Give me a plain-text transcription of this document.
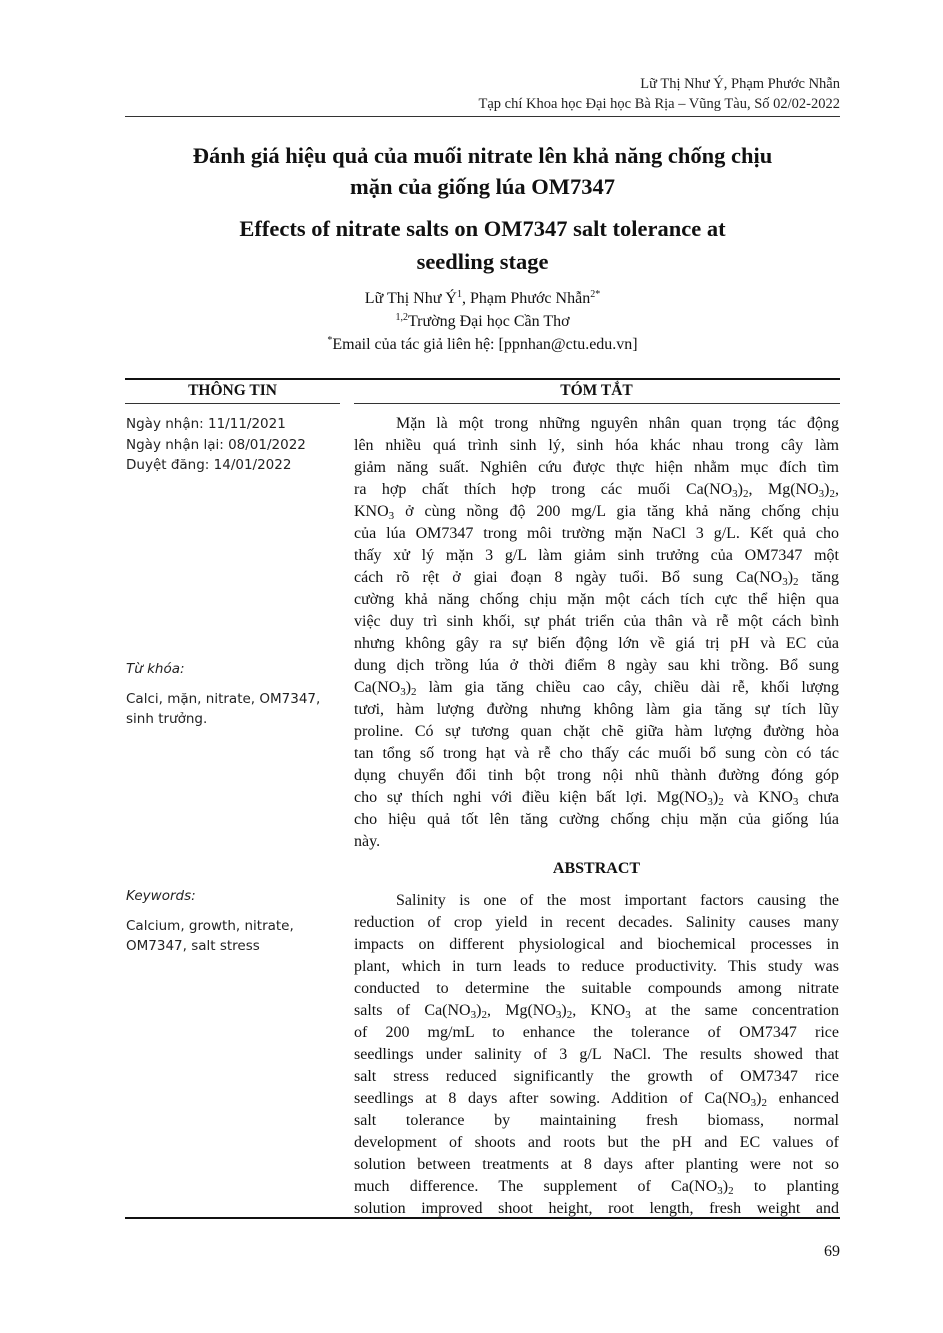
Lữ Thị Như Ý, Phạm Phước Nhẫn
Tạp chí Khoa học Đại học Bà Rịa – Vũng Tàu, Số 02/02-2022
Đánh giá hiệu quả của muối nitrate lên khả năng chống chịu
mặn của giống lúa OM7347
Effects of nitrate salts on OM7347 salt tolerance at
seedling stage
Lữ Thị Như $Ý^1$, Phạm Phước Nhẫn$^{2*}$
$^{1,2}$Trường Đại học Cần Thơ
*Email của tác giả liên hệ: [ppnhan@ctu.edu.vn]
THÔNG TIN	TÓM TẮT
Ngày nhận: 11/11/2021
Ngày nhận lại: 08/01/2022
Duyệt đăng: 14/01/2022
Từ khóa:
Calci, mặn, nitrate, OM7347,
sinh trưởng.
Keywords:
Calcium, growth, nitrate,
OM7347, salt stress
Mặn là một trong những nguyên nhân quan trọng tác động
lên nhiều quá trình sinh lý, sinh hóa khác nhau trong cây làm
giảm năng suất. Nghiên cứu được thực hiện nhằm mục đích tìm
ra hợp chất thích hợp trong các muối $Ca(NO_3)_2$, $Mg(NO_3)_2$,
$KNO_3$ ở cùng nồng độ 200 mg/L gia tăng khả năng chống chịu
của lúa OM7347 trong môi trường mặn NaCl 3 g/L. Kết quả cho
thấy xử lý mặn 3 g/L làm giảm sinh trưởng của OM7347 một
cách rõ rệt ở giai đoạn 8 ngày tuổi. Bổ sung $Ca(NO_3)_2$ tăng
cường khả năng chống chịu mặn một cách tích cực thể hiện qua
việc duy trì sinh khối, sự phát triển của thân và rễ một cách bình
nhưng không gây ra sự biến động lớn về giá trị pH và EC của
dung dịch trồng lúa ở thời điểm 8 ngày sau khi trồng. Bổ sung
$Ca(NO_3)_2$ làm gia tăng chiều cao cây, chiều dài rễ, khối lượng
tươi, hàm lượng đường nhưng không làm gia tăng sự tích lũy
proline. Có sự tương quan chặt chẽ giữa hàm lượng đường hòa
tan tổng số trong hạt và rễ cho thấy các muối bổ sung còn có tác
dụng chuyển đổi tinh bột trong nội nhũ thành đường đóng góp
cho sự thích nghi với điều kiện bất lợi. $Mg(NO_3)_2$ và $KNO_3$ chưa
cho hiệu quả tốt lên tăng cường chống chịu mặn của giống lúa
này.
ABSTRACT
Salinity is one of the most important factors causing the
reduction of crop yield in recent decades. Salinity causes many
impacts on different physiological and biochemical processes in
plant, which in turn leads to reduce productivity. This study was
conducted to determine the suitable compounds among nitrate
salts of $Ca(NO_3)_2$, $Mg(NO_3)_2$, $KNO_3$ at the same concentration
of 200 mg/mL to enhance the tolerance of OM7347 rice
seedlings under salinity of 3 g/L NaCl. The results showed that
salt stress reduced significantly the growth of OM7347 rice
seedlings at 8 days after sowing. Addition of $Ca(NO_3)_2$ enhanced
salt tolerance by maintaining fresh biomass, normal
development of shoots and roots but the pH and EC values of
solution between treatments at 8 days after planting were not so
much difference. The supplement of $Ca(NO_3)_2$ to planting
solution improved shoot height, root length, fresh weight and
69
